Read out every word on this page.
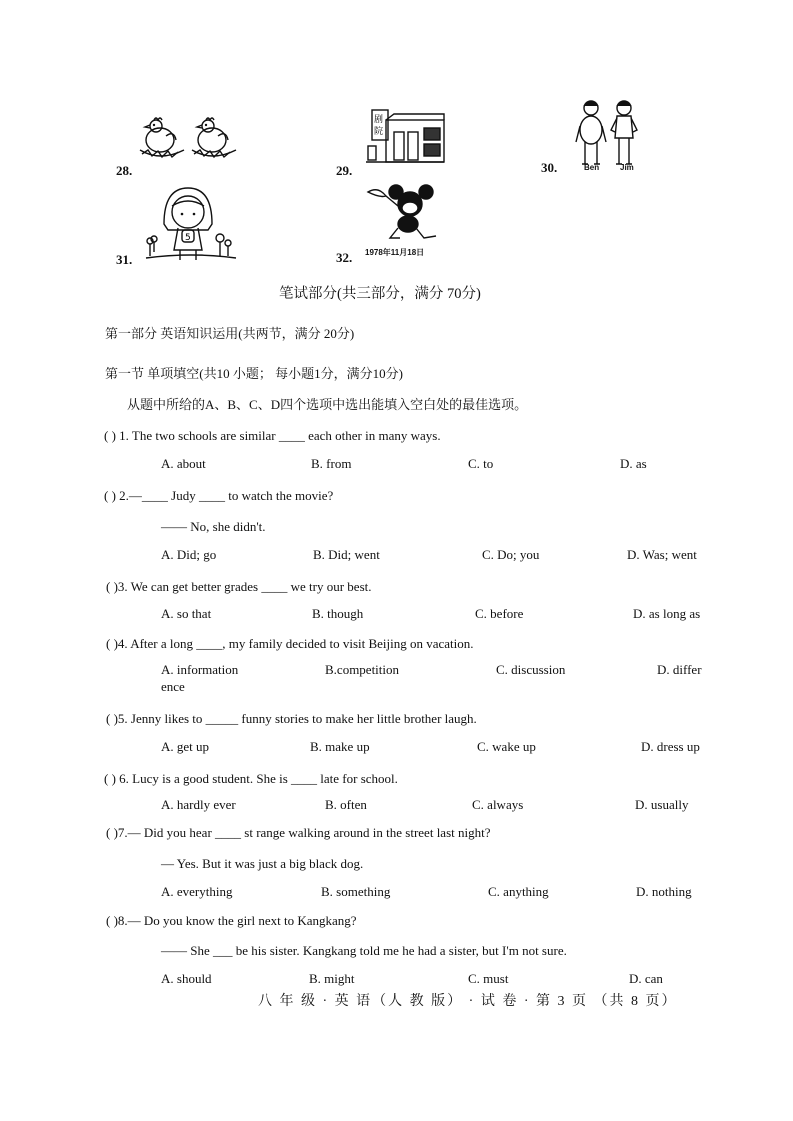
28.	29.
剧
院
30.	Ben	Jim
31.
5
32. 1978年11月18日
笔试部分(共三部分，满分 70分)
第一部分 英语知识运用(共两节，满分 20分)
第一节 单项填空(共10 小题； 每小题1分，满分10分)
从题中所给的A、B、C、D四个选项中选出能填入空白处的最佳选项。
( ) 1. The two schools are similar ____ each other in many ways.
A. about	B. from	C. to	D. as
( ) 2.—____ Judy ____ to watch the movie?
—— No, she didn't.
A. Did; go	B. Did; went	C. Do; you	D. Was; went
( )3. We can get better grades ____ we try our best.
A. so that	B. though	C. before	D. as long as
( )4. After a long ____, my family decided to visit Beijing on vacation.
A. information	B.competition	C. discussion	D. differ
ence
( )5. Jenny likes to _____ funny stories to make her little brother laugh.
A. get up	B. make up	C. wake up	D. dress up
( ) 6. Lucy is a good student. She is ____ late for school.
A. hardly ever	B. often	C. always	D. usually
( )7.— Did you hear ____ st range walking around in the street last night?
— Yes. But it was just a big black dog.
A. everything	B. something	C. anything	D. nothing
( )8.— Do you know the girl next to Kangkang?
—— She ___ be his sister. Kangkang told me he had a sister, but I'm not sure.
A. should	B. might	C. must	D. can
八 年 级 · 英 语（人 教 版） · 试 卷 · 第 3 页 （共 8 页）
